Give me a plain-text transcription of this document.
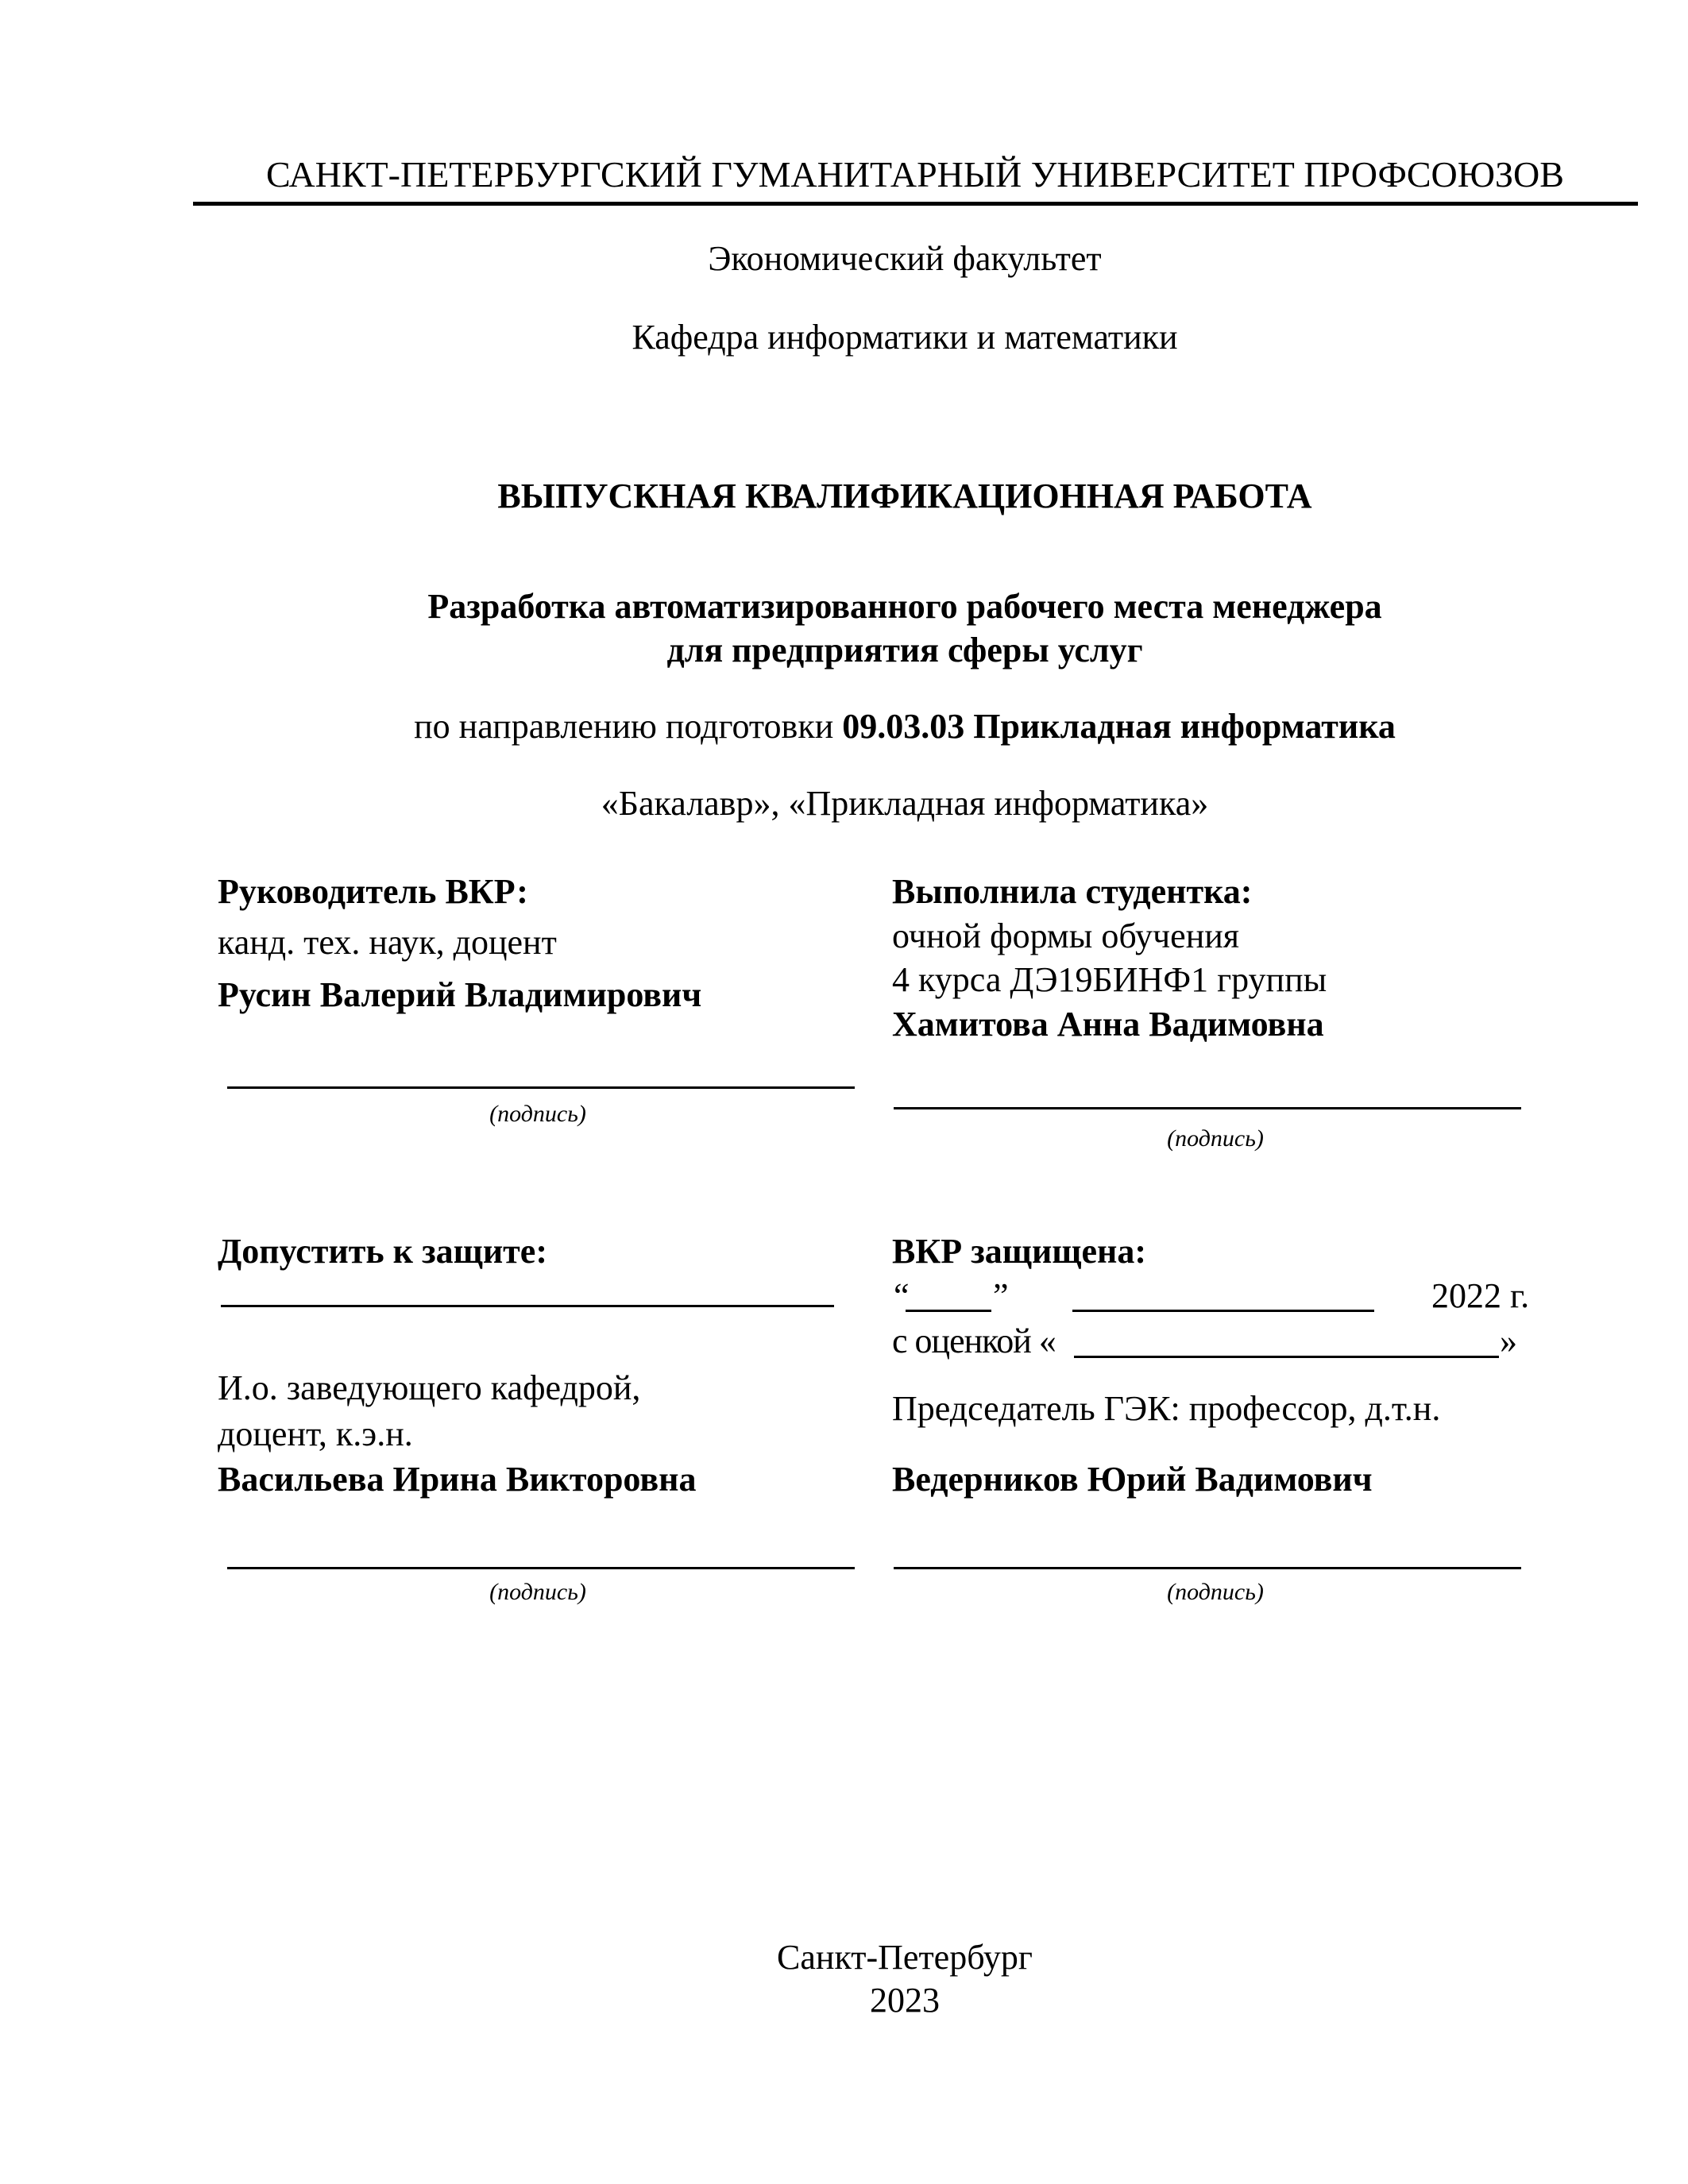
САНКТ-ПЕТЕРБУРГСКИЙ ГУМАНИТАРНЫЙ УНИВЕРСИТЕТ ПРОФСОЮЗОВ
Экономический факультет
Кафедра информатики и математики
ВЫПУСКНАЯ КВАЛИФИКАЦИОННАЯ РАБОТА
Разработка автоматизированного рабочего места менеджера
для предприятия сферы услуг
по направлению подготовки 09.03.03 Прикладная информатика
«Бакалавр», «Прикладная информатика»
Руководитель ВКР:
канд. тех. наук, доцент
Русин Валерий Владимирович
(подпись)
Выполнила студентка:
очной формы обучения
4 курса ДЭ19БИНФ1 группы
Хамитова Анна Вадимовна
(подпись)
Допустить к защите:
И.о. заведующего кафедрой,
доцент, к.э.н.
Васильева Ирина Викторовна
(подпись)
ВКР защищена:
“ ”	2022 г.
с оценкой «	»
Председатель ГЭК: профессор, д.т.н.
Ведерников Юрий Вадимович
(подпись)
Санкт-Петербург
2023
